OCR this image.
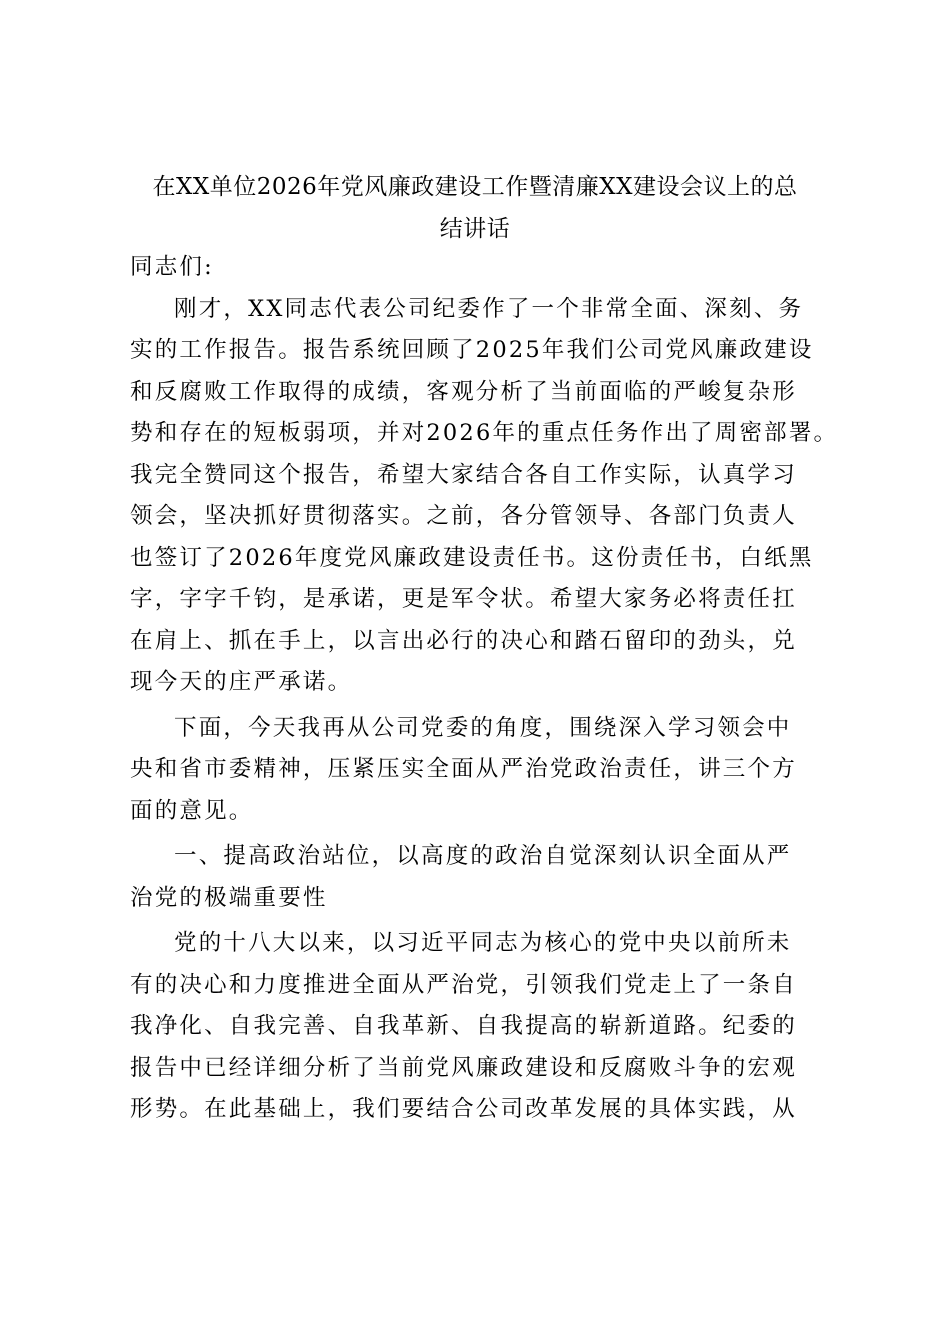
在XX单位2026年党风廉政建设工作暨清廉XX建设会议上的总
结讲话
同志们:
刚才，XX同志代表公司纪委作了一个非常全面、深刻、务
实的工作报告。报告系统回顾了2025年我们公司党风廉政建设
和反腐败工作取得的成绩，客观分析了当前面临的严峻复杂形
势和存在的短板弱项，并对2026年的重点任务作出了周密部署。
我完全赞同这个报告，希望大家结合各自工作实际，认真学习
领会，坚决抓好贯彻落实。之前，各分管领导、各部门负责人
也签订了2026年度党风廉政建设责任书。这份责任书，白纸黑
字，字字千钧，是承诺，更是军令状。希望大家务必将责任扛
在肩上、抓在手上，以言出必行的决心和踏石留印的劲头，兑
现今天的庄严承诺。
下面，今天我再从公司党委的角度，围绕深入学习领会中
央和省市委精神，压紧压实全面从严治党政治责任，讲三个方
面的意见。
一、提高政治站位，以高度的政治自觉深刻认识全面从严
治党的极端重要性
党的十八大以来，以习近平同志为核心的党中央以前所未
有的决心和力度推进全面从严治党，引领我们党走上了一条自
我净化、自我完善、自我革新、自我提高的崭新道路。纪委的
报告中已经详细分析了当前党风廉政建设和反腐败斗争的宏观
形势。在此基础上，我们要结合公司改革发展的具体实践，从
